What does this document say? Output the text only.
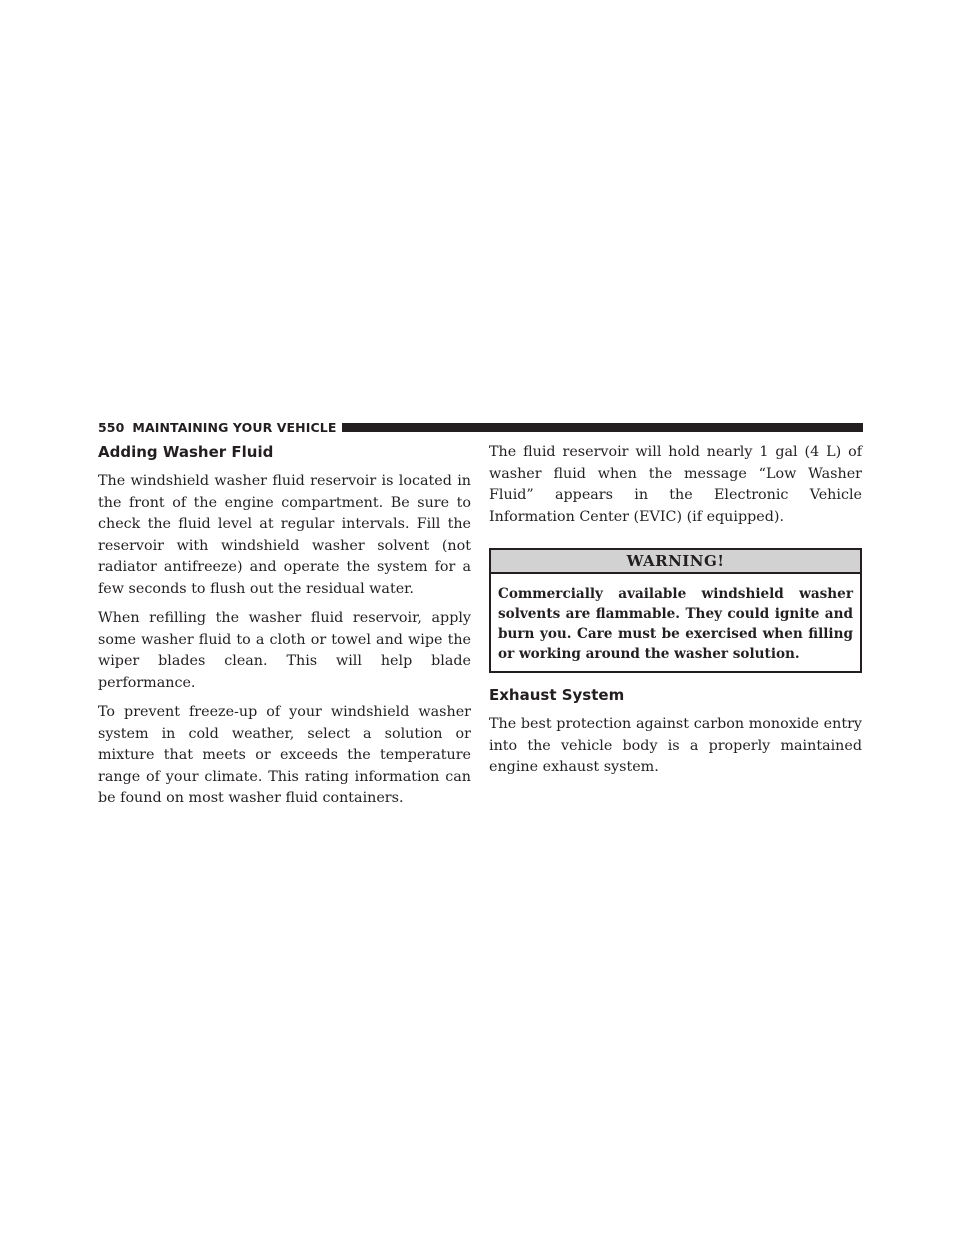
550 MAINTAINING YOUR VEHICLE
Adding Washer Fluid

The windshield washer fluid reservoir is located in the front of the engine compartment. Be sure to check the fluid level at regular intervals. Fill the reservoir with windshield washer solvent (not radiator antifreeze) and operate the system for a few seconds to flush out the residual water.

When refilling the washer fluid reservoir, apply some washer fluid to a cloth or towel and wipe the wiper blades clean. This will help blade performance.

To prevent freeze-up of your windshield washer system in cold weather, select a solution or mixture that meets or exceeds the temperature range of your climate. This rating information can be found on most washer fluid containers.

The fluid reservoir will hold nearly 1 gal (4 L) of washer fluid when the message “Low Washer Fluid” appears in the Electronic Vehicle Information Center (EVIC) (if equipped).

WARNING!
Commercially available windshield washer solvents are flammable. They could ignite and burn you. Care must be exercised when filling or working around the washer solution.
Exhaust System

The best protection against carbon monoxide entry into the vehicle body is a properly maintained engine exhaust system.
